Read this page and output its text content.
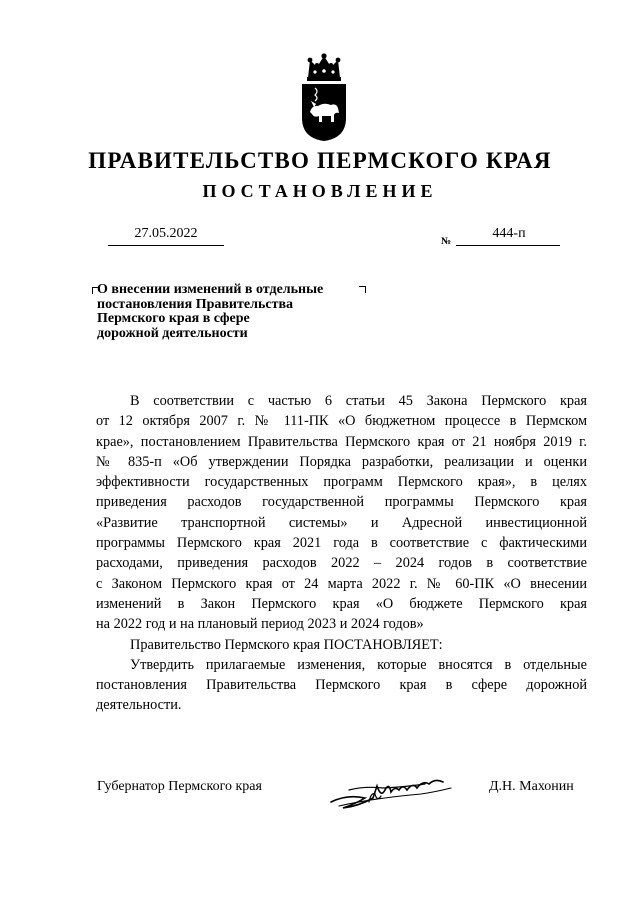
ПРАВИТЕЛЬСТВО ПЕРМСКОГО КРАЯ
ПОСТАНОВЛЕНИЕ
27.05.2022
№
444-п
О внесении изменений в отдельные
постановления Правительства
Пермского края в сфере
дорожной деятельности
В соответствии с частью 6 статьи 45 Закона Пермского края
от 12 октября 2007 г. № 111-ПК «О бюджетном процессе в Пермском
крае», постановлением Правительства Пермского края от 21 ноября 2019 г.
№ 835-п «Об утверждении Порядка разработки, реализации и оценки
эффективности государственных программ Пермского края», в целях
приведения расходов государственной программы Пермского края
«Развитие транспортной системы» и Адресной инвестиционной
программы Пермского края 2021 года в соответствие с фактическими
расходами, приведения расходов 2022 – 2024 годов в соответствие
с Законом Пермского края от 24 марта 2022 г. № 60-ПК «О внесении
изменений в Закон Пермского края «О бюджете Пермского края
на 2022 год и на плановый период 2023 и 2024 годов»
Правительство Пермского края ПОСТАНОВЛЯЕТ:
Утвердить прилагаемые изменения, которые вносятся в отдельные
постановления Правительства Пермского края в сфере дорожной
деятельности.
Губернатор Пермского края	Д.Н. Махонин
